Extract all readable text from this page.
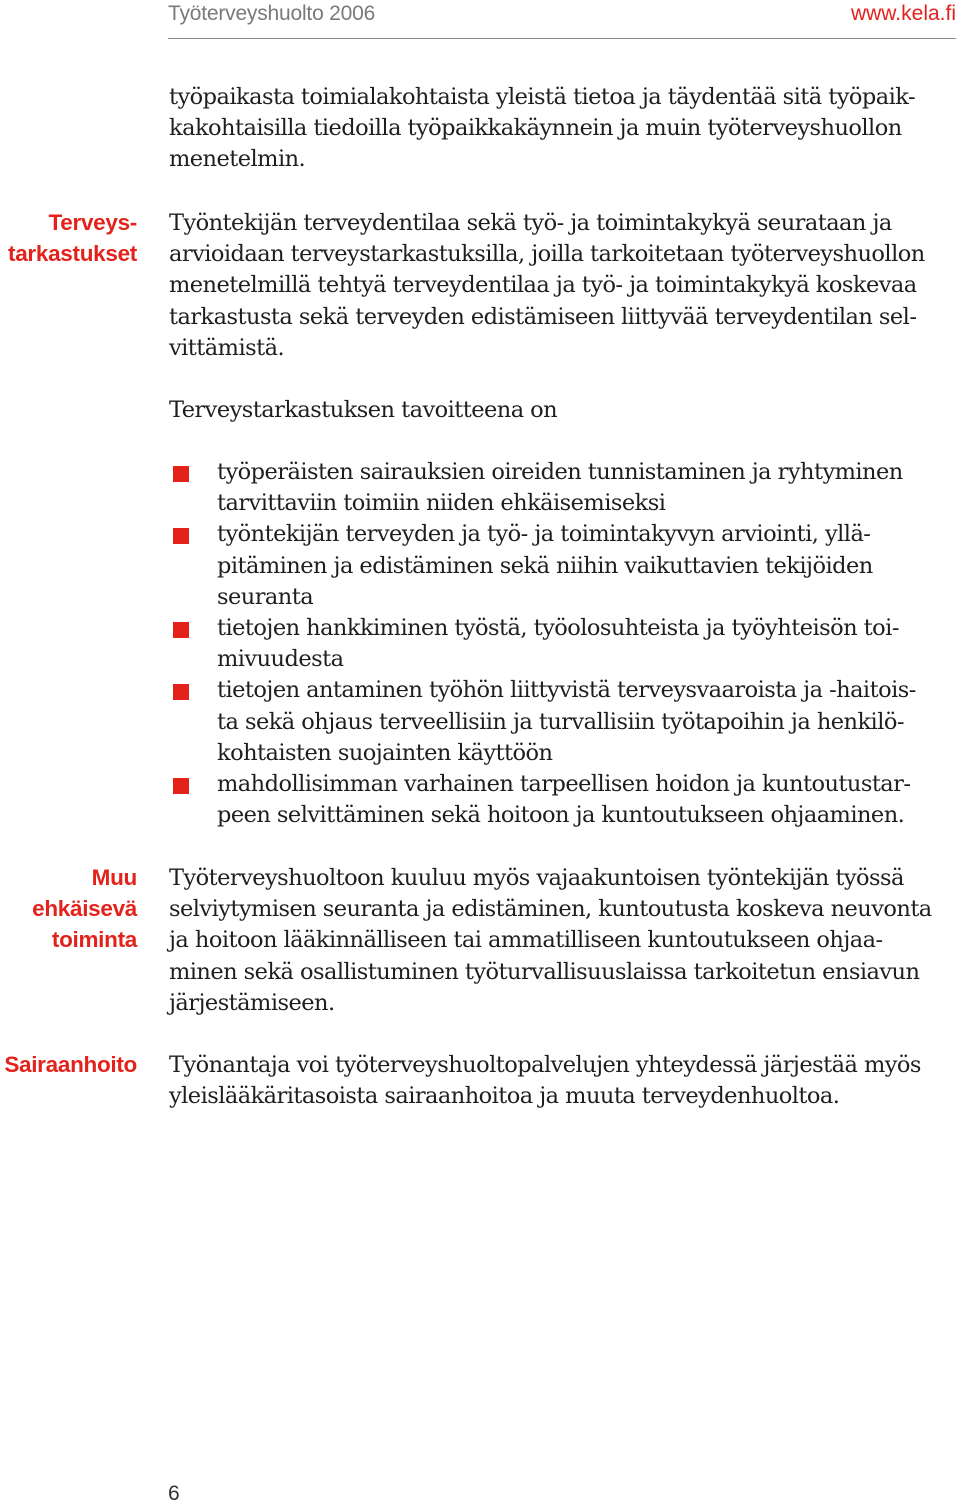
Työterveyshuolto 2006	www.kela.fi

työpaikasta toimialakohtaista yleistä tietoa ja täydentää sitä työpaik-
kakohtaisilla tiedoilla työpaikkakäynnein ja muin työterveyshuollon
menetelmin.

Terveys-
tarkastukset

Työntekijän terveydentilaa sekä työ- ja toimintakykyä seurataan ja
arvioidaan terveystarkastuksilla, joilla tarkoitetaan työterveyshuollon
menetelmillä tehtyä terveydentilaa ja työ- ja toimintakykyä koskevaa
tarkastusta sekä terveyden edistämiseen liittyvää terveydentilan sel-
vittämistä.

Terveystarkastuksen tavoitteena on

työperäisten sairauksien oireiden tunnistaminen ja ryhtyminen
tarvittaviin toimiin niiden ehkäisemiseksi
työntekijän terveyden ja työ- ja toimintakyvyn arviointi, yllä-
pitäminen ja edistäminen sekä niihin vaikuttavien tekijöiden
seuranta
tietojen hankkiminen työstä, työolosuhteista ja työyhteisön toi-
mivuudesta
tietojen antaminen työhön liittyvistä terveysvaaroista ja -haitois-
ta sekä ohjaus terveellisiin ja turvallisiin työtapoihin ja henkilö-
kohtaisten suojainten käyttöön
mahdollisimman varhainen tarpeellisen hoidon ja kuntoutustar-
peen selvittäminen sekä hoitoon ja kuntoutukseen ohjaaminen.
Muu
ehkäisevä
toiminta

Työterveyshuoltoon kuuluu myös vajaakuntoisen työntekijän työssä
selviytymisen seuranta ja edistäminen, kuntoutusta koskeva neuvonta
ja hoitoon lääkinnälliseen tai ammatilliseen kuntoutukseen ohjaa-
minen sekä osallistuminen työturvallisuuslaissa tarkoitetun ensiavun
järjestämiseen.

Sairaanhoito Työnantaja voi työterveyshuoltopalvelujen yhteydessä järjestää myös
yleislääkäritasoista sairaanhoitoa ja muuta terveydenhuoltoa.

6
